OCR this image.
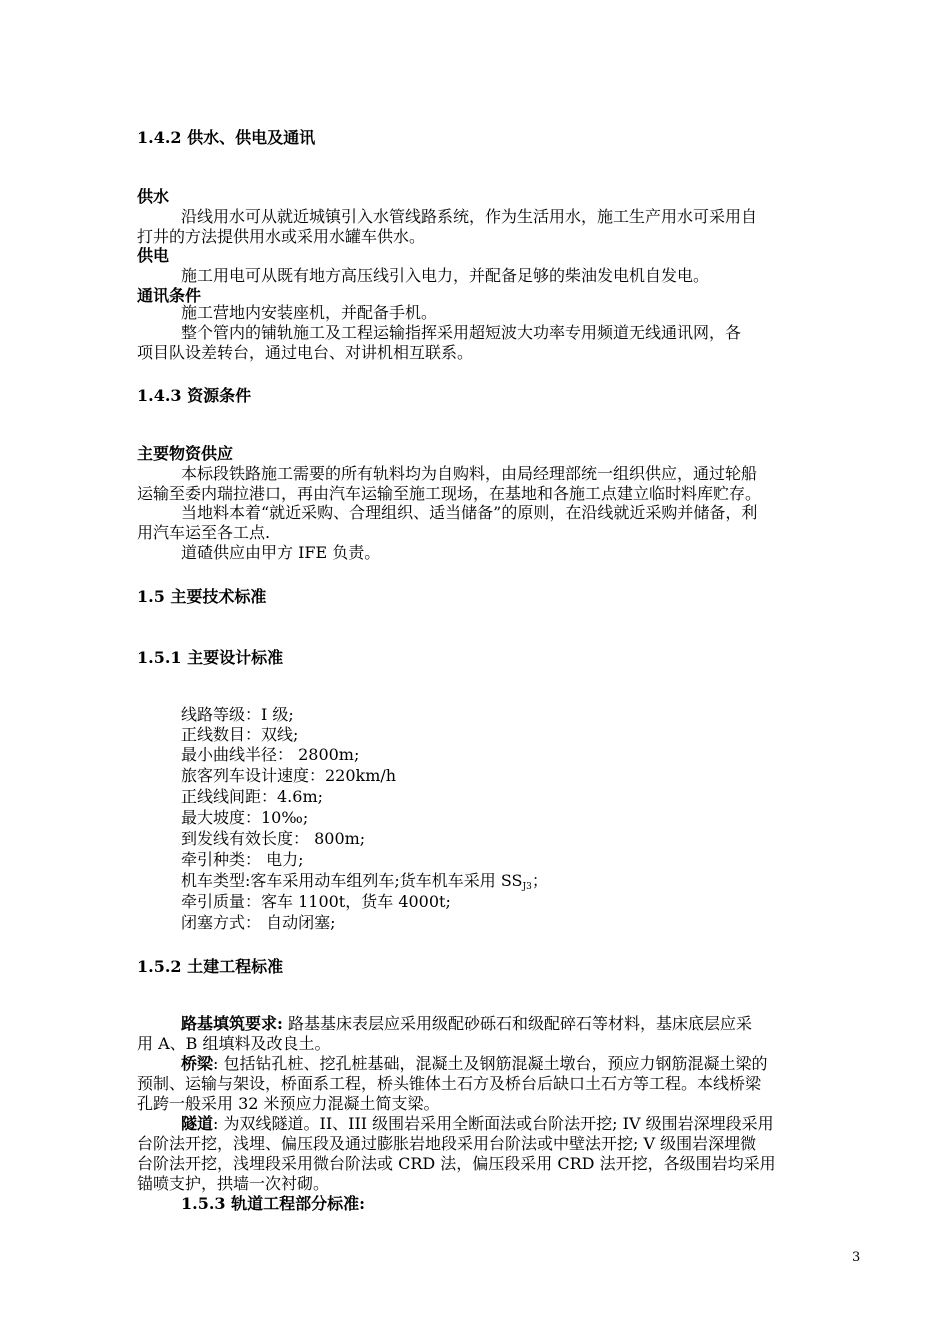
1.4.2 供水、供电及通讯
供水
沿线用水可从就近城镇引入水管线路系统，作为生活用水，施工生产用水可采用自
打井的方法提供用水或采用水罐车供水。
供电
施工用电可从既有地方高压线引入电力，并配备足够的柴油发电机自发电。
通讯条件
施工营地内安装座机，并配备手机。
整个管内的铺轨施工及工程运输指挥采用超短波大功率专用频道无线通讯网，各
项目队设差转台，通过电台、对讲机相互联系。
1.4.3 资源条件
主要物资供应
本标段铁路施工需要的所有轨料均为自购料，由局经理部统一组织供应，通过轮船
运输至委内瑞拉港口，再由汽车运输至施工现场，在基地和各施工点建立临时料库贮存。
当地料本着“就近采购、合理组织、适当储备”的原则，在沿线就近采购并储备，利
用汽车运至各工点.
道碴供应由甲方 IFE 负责。
1.5 主要技术标准
1.5.1 主要设计标准
线路等级：I 级;
正线数目：双线;
最小曲线半径： 2800m;
旅客列车设计速度：220km/h
正线线间距：4.6m;
最大坡度：10‰;
到发线有效长度： 800m;
牵引种类： 电力;
机车类型:客车采用动车组列车;货车机车采用 $SS_{J3}$；
牵引质量：客车 1100t，货车 4000t;
闭塞方式： 自动闭塞;
1.5.2 土建工程标准
路基填筑要求: 路基基床表层应采用级配砂砾石和级配碎石等材料，基床底层应采
用 A、B 组填料及改良土。
桥梁: 包括钻孔桩、挖孔桩基础，混凝土及钢筋混凝土墩台，预应力钢筋混凝土梁的
预制、运输与架设，桥面系工程，桥头锥体土石方及桥台后缺口土石方等工程。本线桥梁
孔跨一般采用 32 米预应力混凝土简支梁。
隧道: 为双线隧道。II、III 级围岩采用全断面法或台阶法开挖; IV 级围岩深埋段采用
台阶法开挖，浅埋、偏压段及通过膨胀岩地段采用台阶法或中壁法开挖; V 级围岩深埋微
台阶法开挖，浅埋段采用微台阶法或 CRD 法，偏压段采用 CRD 法开挖，各级围岩均采用
锚喷支护，拱墙一次衬砌。
1.5.3 轨道工程部分标准:
3
